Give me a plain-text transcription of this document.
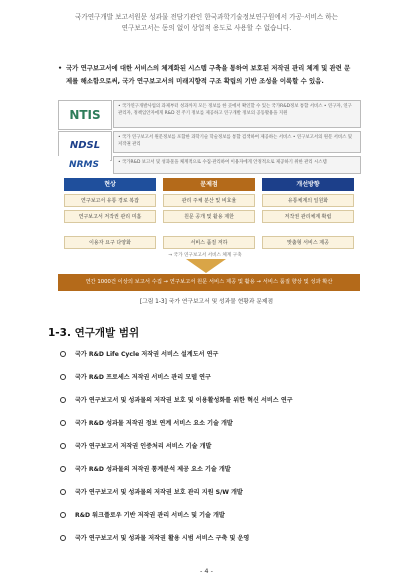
국가연구개발 보고서원문 성과물 전담기관인 한국과학기술정보연구원에서 가공·서비스 하는
연구보고서는 동의 없이 상업적 용도로 사용할 수 없습니다.
• 국가 연구보고서에 대한 서비스의 체계화된 시스템 구축을 통하여 보호된 저작권 관리 체계 및 관련 문제를 해소함으로써, 국가 연구보고서의 미래지향적 구조 확립의 기반 조성을 이룩할 수 있음.
NTIS
• 국가연구개발사업의 과제부터 성과까지 모든 정보를 한 곳에서 확인할 수 있는 국가R&D정보 통합 서비스 • 연구자, 연구관리자, 정책입안자에게 R&D 전 주기 정보를 제공하고 연구개발 정보의 공동활용을 지원
NDSL
• 국가 연구보고서 원문정보를 포함한 과학기술 학술정보를 통합 검색하여 제공하는 서비스 • 연구보고서의 원문 서비스 및 저작권 관리
NRMS	• 국가R&D 보고서 및 성과물을 체계적으로 수집·관리하여 이용자에게 안정적으로 제공하기 위한 관리 시스템
현상	문제점	개선방향
연구보고서 유통 경로 복잡	관리 주체 분산 및 비효율	유통체계의 일원화
연구보고서 저작권 관리 미흡	원문 공개 및 활용 제한	저작권 관리체계 확립
이용자 요구 다양화	서비스 품질 저하	맞춤형 서비스 제공
→ 국가 연구보고서 서비스 체계 구축
연간 1000건 이상의 보고서 수집 → 연구보고서 원문 서비스 제공 및 활용 → 서비스 품질 향상 및 성과 확산
[그림 1-3] 국가 연구보고서 및 성과물 현황과 문제점
1-3. 연구개발 범위
국가 R&D Life Cycle 저작권 서비스 설계도서 연구
국가 R&D 프로세스 저작권 서비스 관리 모델 연구
국가 연구보고서 및 성과물의 저작권 보호 및 이용활성화를 위한 혁신 서비스 연구
국가 R&D 성과물 저작권 정보 연계 서비스 요소 기술 개발
국가 연구보고서 저작권 인증처리 서비스 기술 개발
국가 R&D 성과물의 저작권 통계분석 제공 요소 기술 개발
국가 연구보고서 및 성과물의 저작권 보호 관리 지원 S/W 개발
R&D 워크플로우 기반 저작권 관리 서비스 및 기술 개발
국가 연구보고서 및 성과물 저작권 활용 시범 서비스 구축 및 운영
- 4 -
